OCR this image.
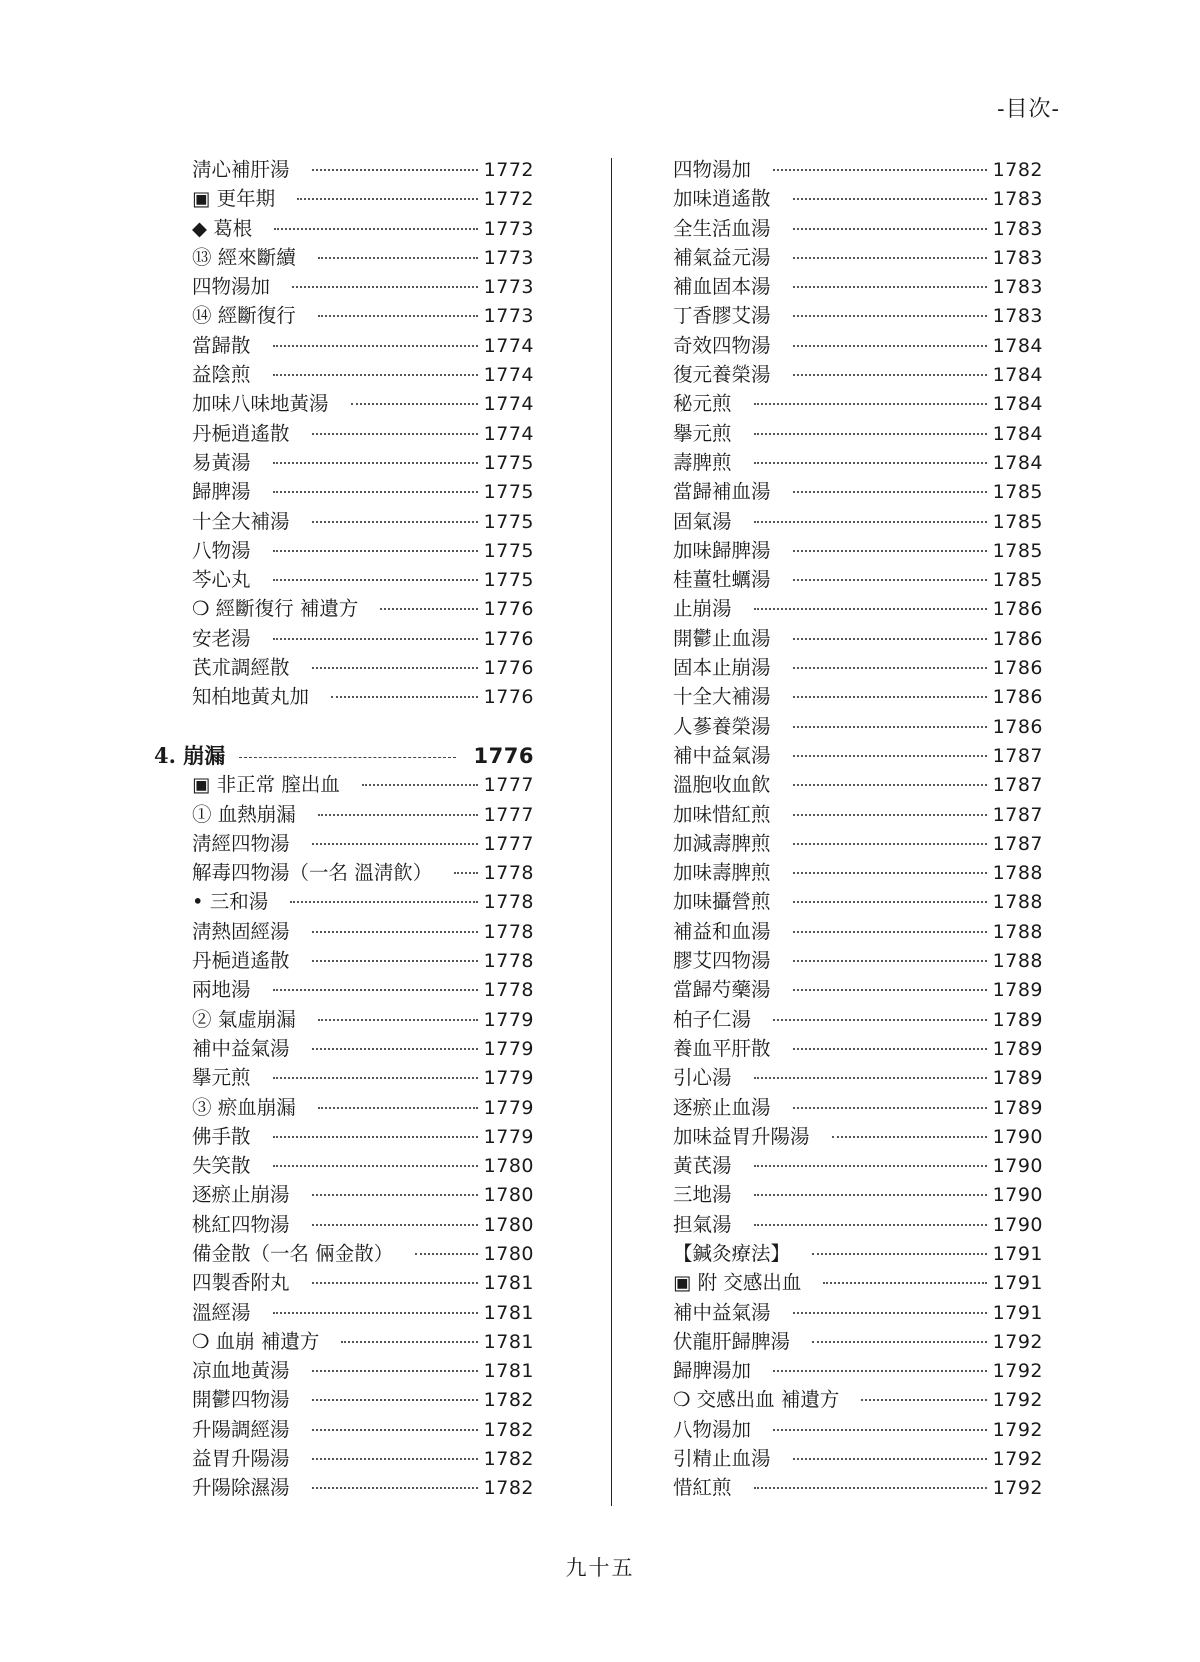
-目次-
淸心補肝湯	1772
▣ 更年期	1772
◆ 葛根	1773
⑬ 經來斷續	1773
四物湯加	1773
⑭ 經斷復行	1773
當歸散	1774
益陰煎	1774
加味八味地黃湯	1774
丹梔逍遙散	1774
易黃湯	1775
歸脾湯	1775
十全大補湯	1775
八物湯	1775
芩心丸	1775
❍ 經斷復行 補遺方	1776
安老湯	1776
芪朮調經散	1776
知柏地黃丸加	1776
4. 崩漏	1776
▣ 非正常 膣出血	1777
① 血熱崩漏	1777
淸經四物湯	1777
解毒四物湯（一名 溫淸飮）	1778
• 三和湯	1778
淸熱固經湯	1778
丹梔逍遙散	1778
兩地湯	1778
② 氣虛崩漏	1779
補中益氣湯	1779
擧元煎	1779
③ 瘀血崩漏	1779
佛手散	1779
失笑散	1780
逐瘀止崩湯	1780
桃紅四物湯	1780
備金散（一名 倆金散）	1780
四製香附丸	1781
溫經湯	1781
❍ 血崩 補遺方	1781
凉血地黃湯	1781
開鬱四物湯	1782
升陽調經湯	1782
益胃升陽湯	1782
升陽除濕湯	1782
四物湯加	1782
加味逍遙散	1783
全生活血湯	1783
補氣益元湯	1783
補血固本湯	1783
丁香膠艾湯	1783
奇效四物湯	1784
復元養榮湯	1784
秘元煎	1784
擧元煎	1784
壽脾煎	1784
當歸補血湯	1785
固氣湯	1785
加味歸脾湯	1785
桂薑牡蠣湯	1785
止崩湯	1786
開鬱止血湯	1786
固本止崩湯	1786
十全大補湯	1786
人蔘養榮湯	1786
補中益氣湯	1787
溫胞收血飮	1787
加味惜紅煎	1787
加減壽脾煎	1787
加味壽脾煎	1788
加味攝營煎	1788
補益和血湯	1788
膠艾四物湯	1788
當歸芍藥湯	1789
柏子仁湯	1789
養血平肝散	1789
引心湯	1789
逐瘀止血湯	1789
加味益胃升陽湯	1790
黃芪湯	1790
三地湯	1790
担氣湯	1790
【鍼灸療法】	1791
▣ 附 交感出血	1791
補中益氣湯	1791
伏龍肝歸脾湯	1792
歸脾湯加	1792
❍ 交感出血 補遺方	1792
八物湯加	1792
引精止血湯	1792
惜紅煎	1792
九十五
